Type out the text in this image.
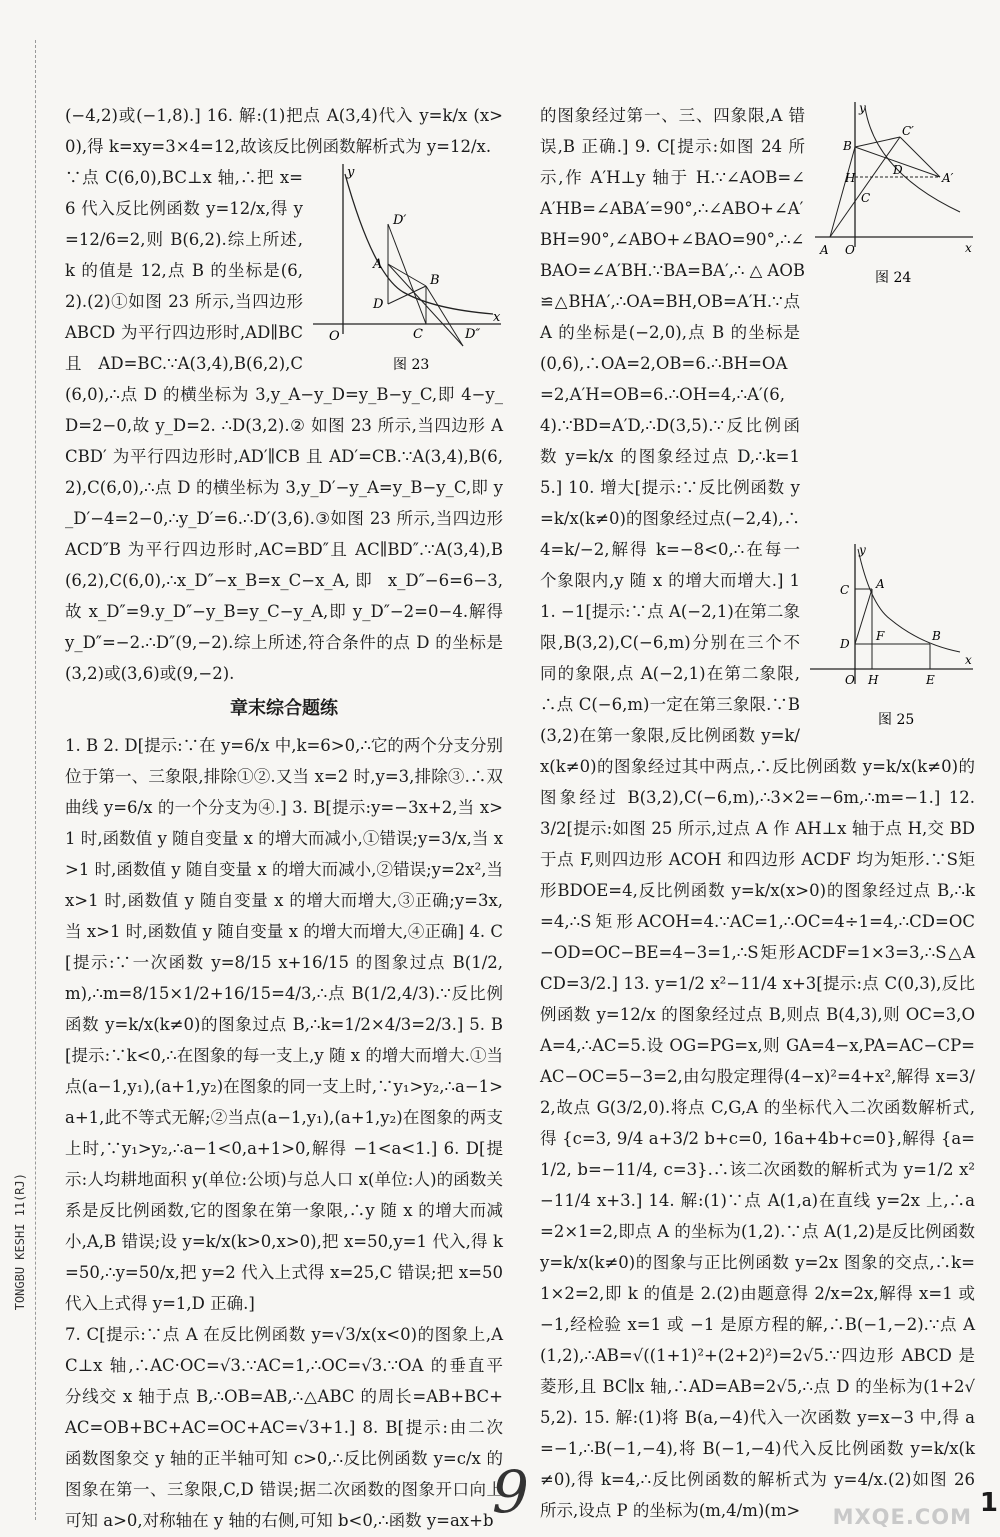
TONGBU KESHI 11(RJ)

(−4,2)或(−1,8).] 16. 解:(1)把点 A(3,4)代入 y=k/x (x>0),得 k=xy=3×4=12,故该反比例函数解析式为 y=12/x.

y
x
O
D′
A
B
D
C	D″
图 23
∵点 C(6,0),BC⊥x 轴,∴把 x=6 代入反比例函数 y=12/x,得 y=12/6=2,则 B(6,2).综上所述,k 的值是 12,点 B 的坐标是(6,2).(2)①如图 23 所示,当四边形 ABCD 为平行四边形时,AD∥BC 且 AD=BC.∵A(3,4),B(6,2),C(6,0),∴点 D 的横坐标为 3,y_A−y_D=y_B−y_C,即 4−y_D=2−0,故 y_D=2. ∴D(3,2).② 如图 23 所示,当四边形 ACBD′ 为平行四边形时,AD′∥CB 且 AD′=CB.∵A(3,4),B(6,2),C(6,0),∴点 D 的横坐标为 3,y_D′−y_A=y_B−y_C,即 y_D′−4=2−0,∴y_D′=6.∴D′(3,6).③如图 23 所示,当四边形 ACD″B 为平行四边形时,AC=BD″且 AC∥BD″.∵A(3,4),B(6,2),C(6,0),∴x_D″−x_B=x_C−x_A,即 x_D″−6=6−3,故 x_D″=9.y_D″−y_B=y_C−y_A,即 y_D″−2=0−4.解得 y_D″=−2.∴D″(9,−2).综上所述,符合条件的点 D 的坐标是(3,2)或(3,6)或(9,−2).

章末综合题练

1. B 2. D[提示:∵在 y=6/x 中,k=6>0,∴它的两个分支分别位于第一、三象限,排除①②.又当 x=2 时,y=3,排除③.∴双曲线 y=6/x 的一个分支为④.] 3. B[提示:y=−3x+2,当 x>1 时,函数值 y 随自变量 x 的增大而减小,①错误;y=3/x,当 x>1 时,函数值 y 随自变量 x 的增大而减小,②错误;y=2x²,当 x>1 时,函数值 y 随自变量 x 的增大而增大,③正确;y=3x,当 x>1 时,函数值 y 随自变量 x 的增大而增大,④正确] 4. C[提示:∵一次函数 y=8/15 x+16/15 的图象过点 B(1/2,m),∴m=8/15×1/2+16/15=4/3,∴点 B(1/2,4/3).∵反比例函数 y=k/x(k≠0)的图象过点 B,∴k=1/2×4/3=2/3.] 5. B[提示:∵k<0,∴在图象的每一支上,y 随 x 的增大而增大.①当点(a−1,y₁),(a+1,y₂)在图象的同一支上时,∵y₁>y₂,∴a−1>a+1,此不等式无解;②当点(a−1,y₁),(a+1,y₂)在图象的两支上时,∵y₁>y₂,∴a−1<0,a+1>0,解得 −1<a<1.] 6. D[提示:人均耕地面积 y(单位:公顷)与总人口 x(单位:人)的函数关系是反比例函数,它的图象在第一象限,∴y 随 x 的增大而减小,A,B 错误;设 y=k/x(k>0,x>0),把 x=50,y=1 代入,得 k=50,∴y=50/x,把 y=2 代入上式得 x=25,C 错误;把 x=50 代入上式得 y=1,D 正确.]

7. C[提示:∵点 A 在反比例函数 y=√3/x(x<0)的图象上,AC⊥x 轴,∴AC·OC=√3.∵AC=1,∴OC=√3.∵OA 的垂直平分线交 x 轴于点 B,∴OB=AB,∴△ABC 的周长=AB+BC+AC=OB+BC+AC=OC+AC=√3+1.] 8. B[提示:由二次函数图象交 y 轴的正半轴可知 c>0,∴反比例函数 y=c/x 的图象在第一、三象限,C,D 错误;据二次函数的图象开口向上可知 a>0,对称轴在 y 轴的右侧,可知 b<0,∴函数 y=ax+b

y
x
O
A
B
C
C′
D
H	A′
图 24
y
x
O
C A
D
F	B
H	E
图 25

的图象经过第一、三、四象限,A 错误,B 正确.] 9. C[提示:如图 24 所示,作 A′H⊥y 轴于 H.∵∠AOB=∠A′HB=∠ABA′=90°,∴∠ABO+∠A′BH=90°,∠ABO+∠BAO=90°,∴∠BAO=∠A′BH.∵BA=BA′,∴△AOB≌△BHA′,∴OA=BH,OB=A′H.∵点 A 的坐标是(−2,0),点 B 的坐标是(0,6),∴OA=2,OB=6.∴BH=OA=2,A′H=OB=6.∴OH=4,∴A′(6,4).∵BD=A′D,∴D(3,5).∵反比例函数 y=k/x 的图象经过点 D,∴k=15.] 10. 增大[提示:∵反比例函数 y=k/x(k≠0)的图象经过点(−2,4),∴4=k/−2,解得 k=−8<0,∴在每一个象限内,y 随 x 的增大而增大.] 11. −1[提示:∵点 A(−2,1)在第二象限,B(3,2),C(−6,m)分别在三个不同的象限,点 A(−2,1)在第二象限,∴点 C(−6,m)一定在第三象限.∵B(3,2)在第一象限,反比例函数 y=k/x(k≠0)的图象经过其中两点,∴反比例函数 y=k/x(k≠0)的图象经过 B(3,2),C(−6,m),∴3×2=−6m,∴m=−1.] 12. 3/2[提示:如图 25 所示,过点 A 作 AH⊥x 轴于点 H,交 BD 于点 F,则四边形 ACOH 和四边形 ACDF 均为矩形.∵S矩形BDOE=4,反比例函数 y=k/x(x>0)的图象经过点 B,∴k=4,∴S矩形ACOH=4.∵AC=1,∴OC=4÷1=4,∴CD=OC−OD=OC−BE=4−3=1,∴S矩形ACDF=1×3=3,∴S△ACD=3/2.] 13. y=1/2 x²−11/4 x+3[提示:点 C(0,3),反比例函数 y=12/x 的图象经过点 B,则点 B(4,3),则 OC=3,OA=4,∴AC=5.设 OG=PG=x,则 GA=4−x,PA=AC−CP=AC−OC=5−3=2,由勾股定理得(4−x)²=4+x²,解得 x=3/2,故点 G(3/2,0).将点 C,G,A 的坐标代入二次函数解析式,得 {c=3, 9/4 a+3/2 b+c=0, 16a+4b+c=0},解得 {a=1/2, b=−11/4, c=3}.∴该二次函数的解析式为 y=1/2 x²−11/4 x+3.] 14. 解:(1)∵点 A(1,a)在直线 y=2x 上,∴a=2×1=2,即点 A 的坐标为(1,2).∵点 A(1,2)是反比例函数 y=k/x(k≠0)的图象与正比例函数 y=2x 图象的交点,∴k=1×2=2,即 k 的值是 2.(2)由题意得 2/x=2x,解得 x=1 或 −1,经检验 x=1 或 −1 是原方程的解,∴B(−1,−2).∵点 A(1,2),∴AB=√((1+1)²+(2+2)²)=2√5.∵四边形 ABCD 是菱形,且 BC∥x 轴,∴AD=AB=2√5,∴点 D 的坐标为(1+2√5,2). 15. 解:(1)将 B(a,−4)代入一次函数 y=x−3 中,得 a=−1,∴B(−1,−4),将 B(−1,−4)代入反比例函数 y=k/x(k≠0),得 k=4,∴反比例函数的解析式为 y=4/x.(2)如图 26 所示,设点 P 的坐标为(m,4/m)(m>

9	1
MXQE.COM
